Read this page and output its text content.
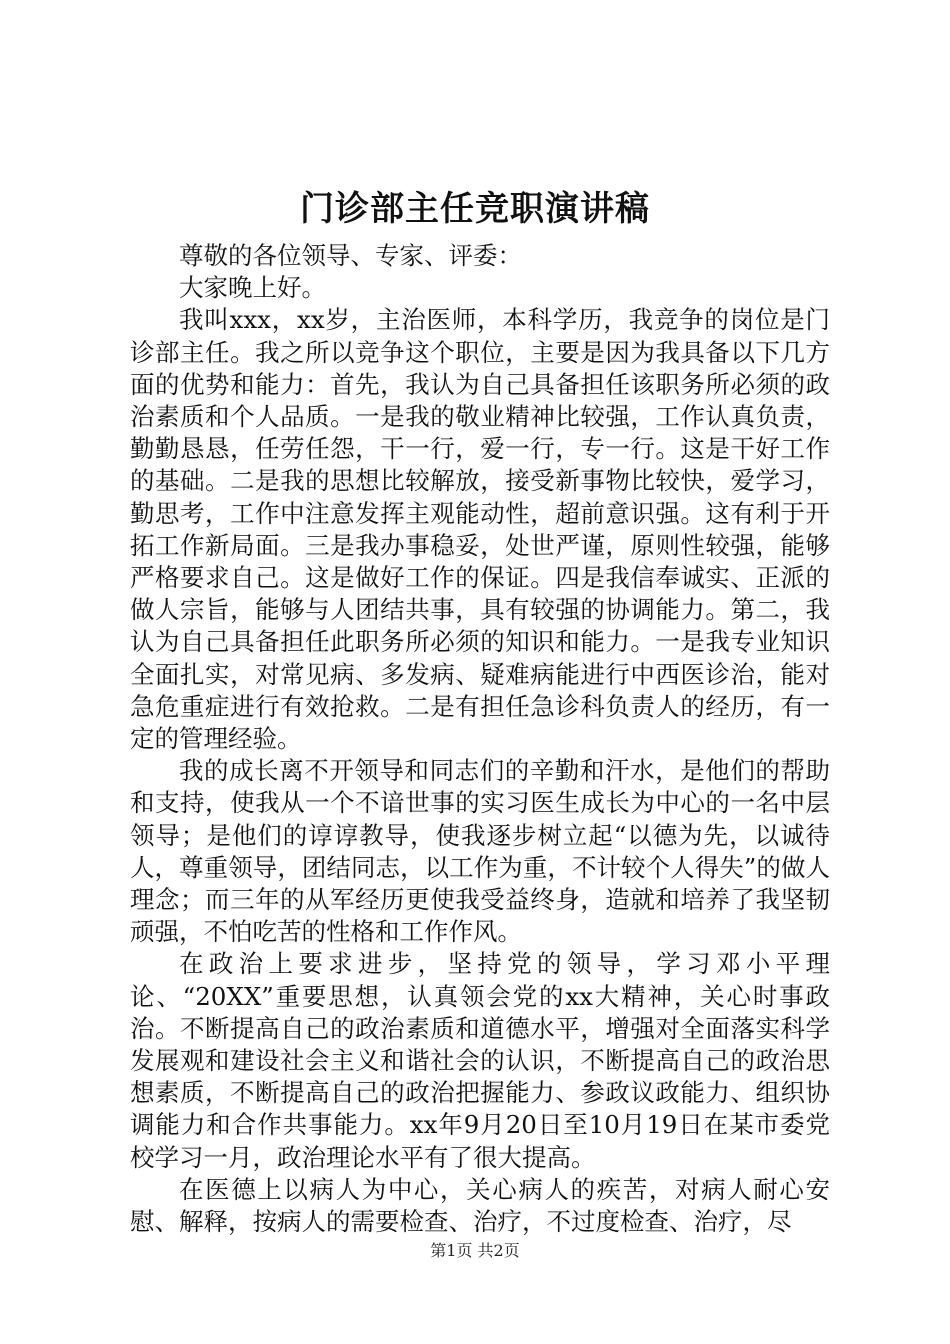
门诊部主任竞职演讲稿

尊敬的各位领导、专家、评委：

大家晚上好。

我叫xxx，xx岁，主治医师，本科学历，我竞争的岗位是门诊部主任。我之所以竞争这个职位，主要是因为我具备以下几方面的优势和能力：首先，我认为自己具备担任该职务所必须的政治素质和个人品质。一是我的敬业精神比较强，工作认真负责，勤勤恳恳，任劳任怨，干一行，爱一行，专一行。这是干好工作的基础。二是我的思想比较解放，接受新事物比较快，爱学习，勤思考，工作中注意发挥主观能动性，超前意识强。这有利于开拓工作新局面。三是我办事稳妥，处世严谨，原则性较强，能够严格要求自己。这是做好工作的保证。四是我信奉诚实、正派的做人宗旨，能够与人团结共事，具有较强的协调能力。第二，我认为自己具备担任此职务所必须的知识和能力。一是我专业知识全面扎实，对常见病、多发病、疑难病能进行中西医诊治，能对急危重症进行有效抢救。二是有担任急诊科负责人的经历，有一定的管理经验。

我的成长离不开领导和同志们的辛勤和汗水，是他们的帮助和支持，使我从一个不谙世事的实习医生成长为中心的一名中层领导；是他们的谆谆教导，使我逐步树立起“以德为先，以诚待人，尊重领导，团结同志，以工作为重，不计较个人得失”的做人理念；而三年的从军经历更使我受益终身，造就和培养了我坚韧顽强，不怕吃苦的性格和工作作风。

在政治上要求进步，坚持党的领导，学习邓小平理论、“20XX”重要思想，认真领会党的xx大精神，关心时事政治。不断提高自己的政治素质和道德水平，增强对全面落实科学发展观和建设社会主义和谐社会的认识，不断提高自己的政治思想素质，不断提高自己的政治把握能力、参政议政能力、组织协调能力和合作共事能力。xx年9月20日至10月19日在某市委党校学习一月，政治理论水平有了很大提高。

在医德上以病人为中心，关心病人的疾苦，对病人耐心安慰、解释，按病人的需要检查、治疗，不过度检查、治疗，尽

第1页 共2页
